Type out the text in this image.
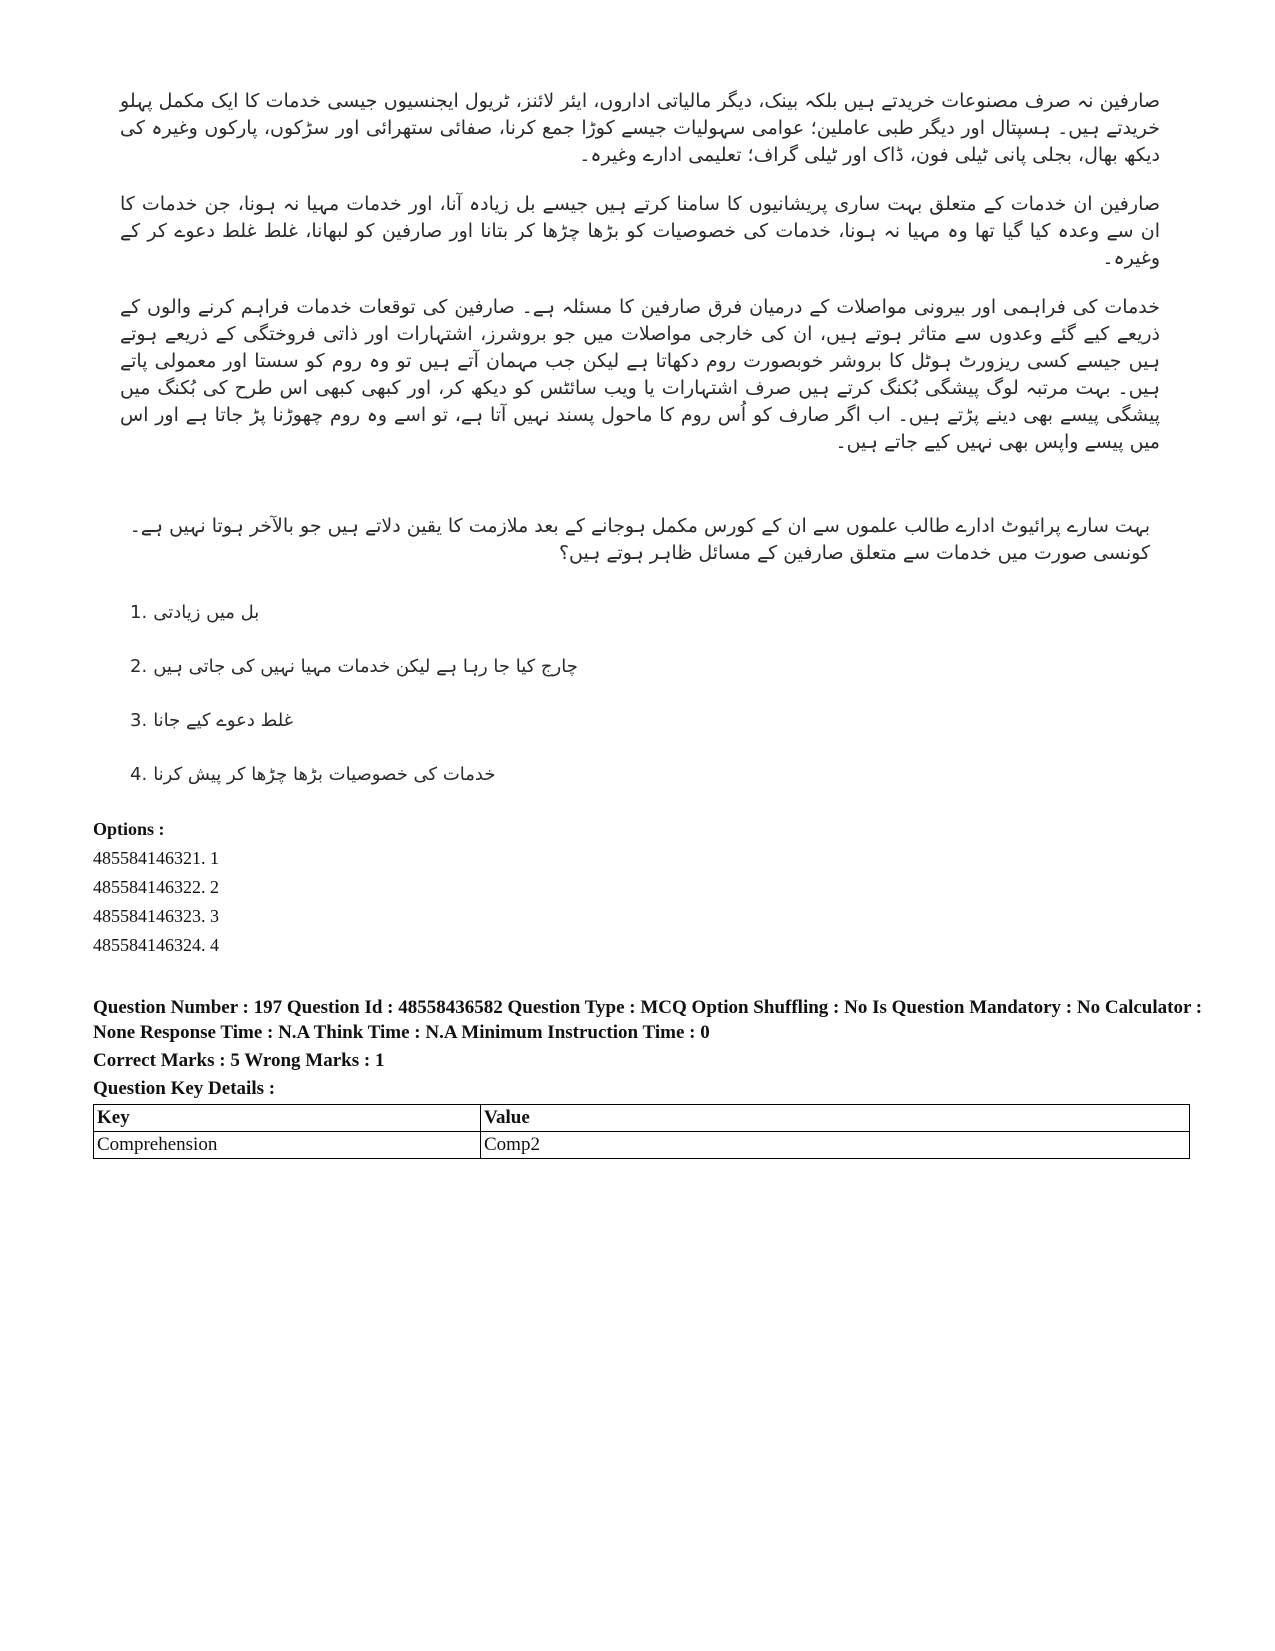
صارفین نہ صرف مصنوعات خریدتے ہیں بلکہ بینک، دیگر مالیاتی اداروں، ایئر لائنز، ٹریول ایجنسیوں جیسی خدمات کا ایک مکمل پہلو خریدتے ہیں۔ ہسپتال اور دیگر طبی عاملین؛ عوامی سہولیات جیسے کوڑا جمع کرنا، صفائی ستھرائی اور سڑکوں، پارکوں وغیرہ کی دیکھ بھال، بجلی پانی ٹیلی فون، ڈاک اور ٹیلی گراف؛ تعلیمی ادارے وغیرہ۔

صارفین ان خدمات کے متعلق بہت ساری پریشانیوں کا سامنا کرتے ہیں جیسے بل زیادہ آنا، اور خدمات مہیا نہ ہونا، جن خدمات کا ان سے وعدہ کیا گیا تھا وہ مہیا نہ ہونا، خدمات کی خصوصیات کو بڑھا چڑھا کر بتانا اور صارفین کو لبھانا، غلط غلط دعوے کر کے وغیرہ۔

خدمات کی فراہمی اور بیرونی مواصلات کے درمیان فرق صارفین کا مسئلہ ہے۔ صارفین کی توقعات خدمات فراہم کرنے والوں کے ذریعے کیے گئے وعدوں سے متاثر ہوتے ہیں، ان کی خارجی مواصلات میں جو بروشرز، اشتہارات اور ذاتی فروختگی کے ذریعے ہوتے ہیں جیسے کسی ریزورٹ ہوٹل کا بروشر خوبصورت روم دکھاتا ہے لیکن جب مہمان آتے ہیں تو وہ روم کو سستا اور معمولی پاتے ہیں۔ بہت مرتبہ لوگ پیشگی بُکنگ کرتے ہیں صرف اشتہارات یا ویب سائٹس کو دیکھ کر، اور کبھی کبھی اس طرح کی بُکنگ میں پیشگی پیسے بھی دینے پڑتے ہیں۔ اب اگر صارف کو اُس روم کا ماحول پسند نہیں آتا ہے، تو اسے وہ روم چھوڑنا پڑ جاتا ہے اور اس میں پیسے واپس بھی نہیں کیے جاتے ہیں۔

بہت سارے پرائیوٹ ادارے طالب علموں سے ان کے کورس مکمل ہوجانے کے بعد ملازمت کا یقین دلاتے ہیں جو بالآخر ہوتا نہیں ہے۔

کونسی صورت میں خدمات سے متعلق صارفین کے مسائل ظاہر ہوتے ہیں؟

1. بل میں زیادتی
2. چارج کیا جا رہا ہے لیکن خدمات مہیا نہیں کی جاتی ہیں
3. غلط دعوے کیے جانا
4. خدمات کی خصوصیات بڑھا چڑھا کر پیش کرنا
Options :
485584146321. 1
485584146322. 2
485584146323. 3
485584146324. 4
Question Number : 197 Question Id : 48558436582 Question Type : MCQ Option Shuffling : No Is Question Mandatory : No Calculator : None Response Time : N.A Think Time : N.A Minimum Instruction Time : 0
Correct Marks : 5 Wrong Marks : 1
Question Key Details :
Key	Value
Comprehension	Comp2
